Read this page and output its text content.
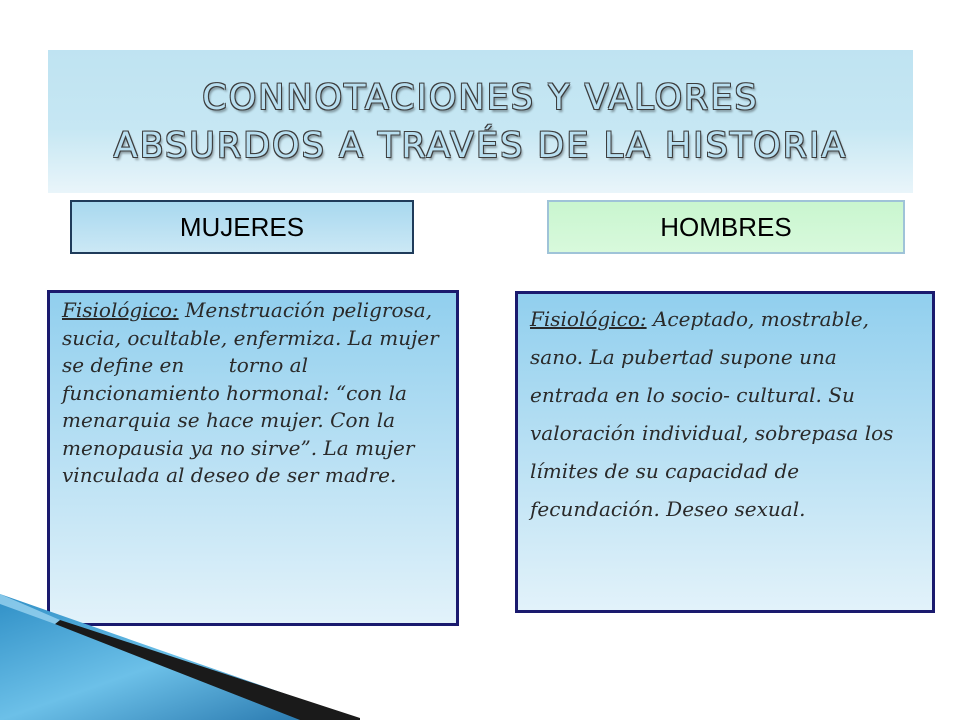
CONNOTACIONES Y VALORES
ABSURDOS A TRAVÉS DE LA HISTORIA
MUJERES	HOMBRES
Fisiológico: Menstruación peligrosa, sucia, ocultable, enfermiza. La mujer se define en       torno al funcionamiento hormonal: “con la menarquia se hace mujer. Con la menopausia ya no sirve”. La mujer vinculada al deseo de ser madre.
Fisiológico: Aceptado, mostrable, sano. La pubertad supone una entrada en lo socio- cultural. Su valoración individual, sobrepasa los límites de su capacidad de fecundación. Deseo sexual.
